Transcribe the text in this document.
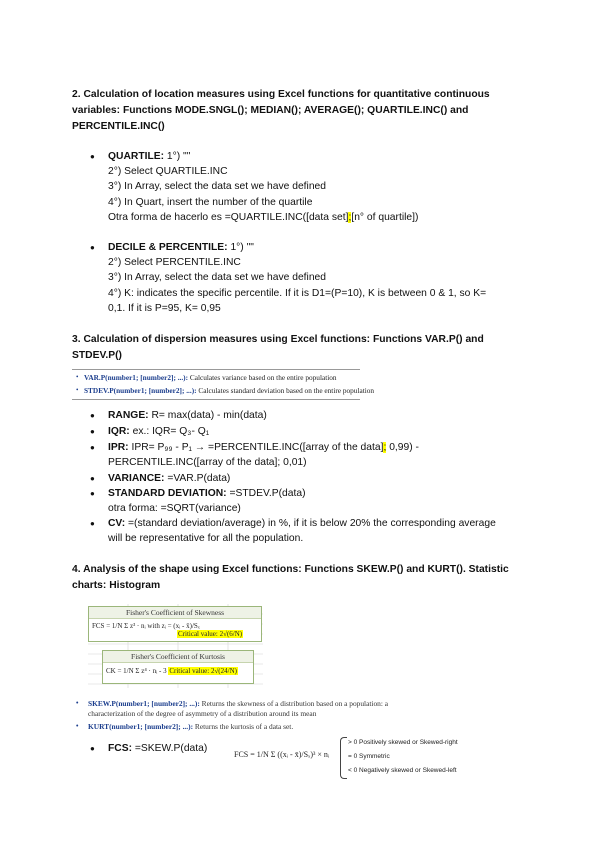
2. Calculation of location measures using Excel functions for quantitative continuous
variables: Functions MODE.SNGL(); MEDIAN(); AVERAGE(); QUARTILE.INC() and
PERCENTILE.INC()
● QUARTILE: 1°) ""
2°) Select QUARTILE.INC
3°) In Array, select the data set we have defined
4°) In Quart, insert the number of the quartile
Otra forma de hacerlo es =QUARTILE.INC([data set];[n° of quartile])
● DECILE & PERCENTILE: 1°) ""
2°) Select PERCENTILE.INC
3°) In Array, select the data set we have defined
4°) K: indicates the specific percentile. If it is D1=(P=10), K is between 0 & 1, so K=
0,1. If it is P=95, K= 0,95
3. Calculation of dispersion measures using Excel functions: Functions VAR.P() and
STDEV.P()
• VAR.P(number1; [number2]; ...): Calculates variance based on the entire population
• STDEV.P(number1; [number2]; ...): Calculates standard deviation based on the entire population
● RANGE: R= max(data) - min(data)
● IQR: ex.: IQR= Q₃- Q₁
● IPR: IPR= P₉₉ - P₁ → =PERCENTILE.INC([array of the data]; 0,99) -
PERCENTILE.INC([array of the data]; 0,01)
● VARIANCE: =VAR.P(data)
● STANDARD DEVIATION: =STDEV.P(data)
otra forma: =SQRT(variance)
● CV: =(standard deviation/average) in %, if it is below 20% the corresponding average
will be representative for all the population.
4. Analysis of the shape using Excel functions: Functions SKEW.P() and KURT(). Statistic
charts: Histogram
Fisher's Coefficient of Skewness
FCS = 1/N Σ z³ · nᵢ with zᵢ = (xᵢ - x̄)/Sₓ
Critical value: 2√(6/N)
Fisher's Coefficient of Kurtosis
CK = 1/N Σ z⁴ · nᵢ - 3 Critical value: 2√(24/N)
• SKEW.P(number1; [number2]; ...): Returns the skewness of a distribution based on a population: a
characterization of the degree of asymmetry of a distribution around its mean
• KURT(number1; [number2]; ...): Returns the kurtosis of a data set.
● FCS: =SKEW.P(data)
FCS = 1/N Σ ((xᵢ - x̄)/Sₓ)³ × nᵢ
> 0 Positively skewed or Skewed-right
= 0 Symmetric
< 0 Negatively skewed or Skewed-left
